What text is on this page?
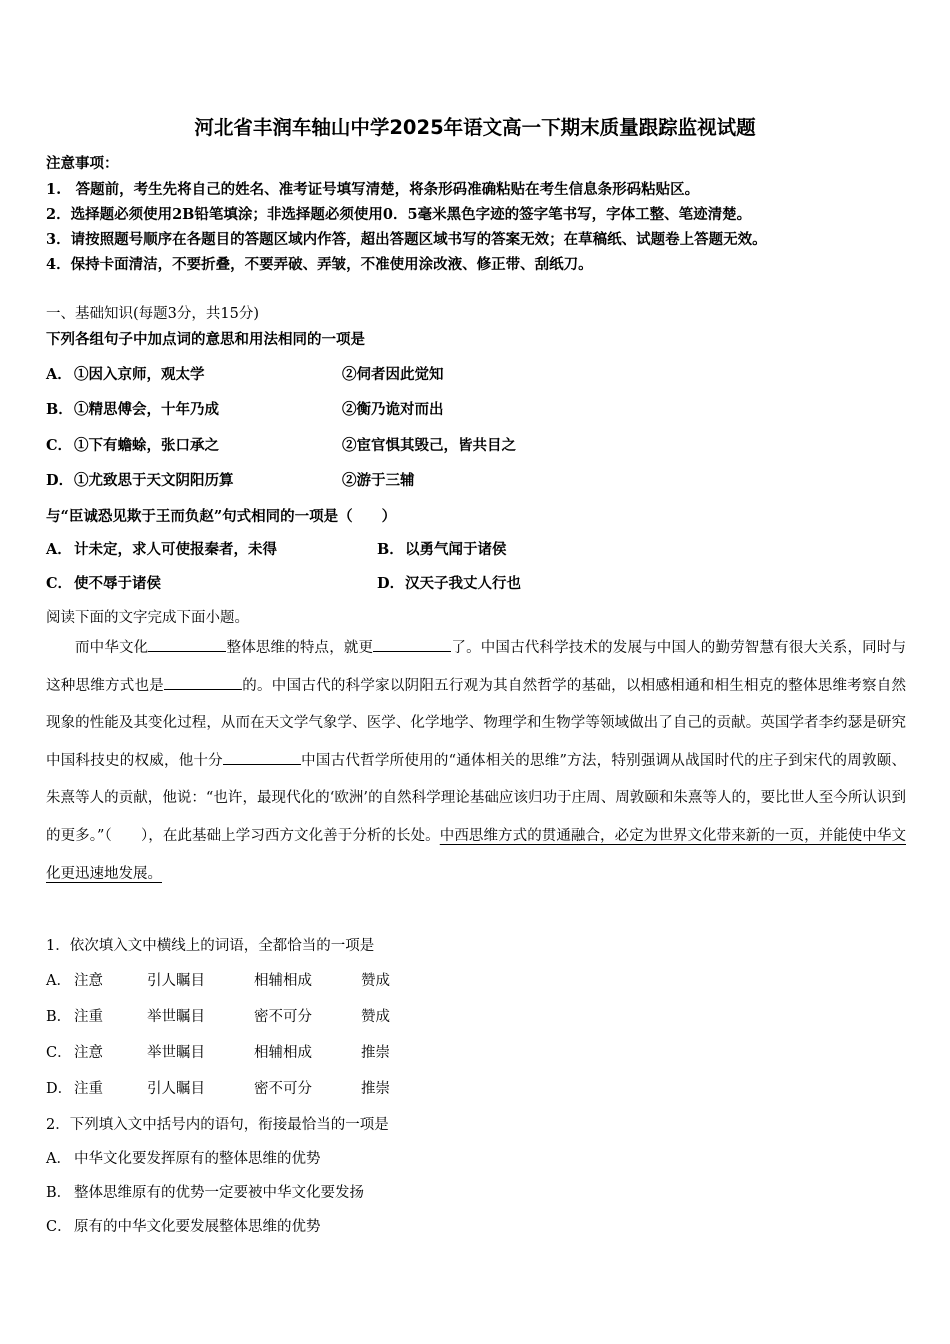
河北省丰润车轴山中学2025年语文高一下期末质量跟踪监视试题
注意事项：
1.　答题前，考生先将自己的姓名、准考证号填写清楚，将条形码准确粘贴在考生信息条形码粘贴区。
2．选择题必须使用2B铅笔填涂；非选择题必须使用0．5毫米黑色字迹的签字笔书写，字体工整、笔迹清楚。
3．请按照题号顺序在各题目的答题区域内作答，超出答题区域书写的答案无效；在草稿纸、试题卷上答题无效。
4．保持卡面清洁，不要折叠，不要弄破、弄皱，不准使用涂改液、修正带、刮纸刀。
一、基础知识(每题3分，共15分)
下列各组句子中加点词的意思和用法相同的一项是
A． ①因入京师，观太学	②伺者因此觉知
B．①精思傅会，十年乃成	②衡乃诡对而出
C． ①下有蟾蜍，张口承之	②宦官惧其毁己，皆共目之
D．①尤致思于天文阴阳历算	②游于三辅
与“臣诚恐见欺于王而负赵”句式相同的一项是（　　）
A． 计未定，求人可使报秦者，未得	B．以勇气闻于诸侯
C． 使不辱于诸侯	D．汉天子我丈人行也
阅读下面的文字完成下面小题。

而中华文化	整体思维的特点，就更	了。中国古代科学技术的发展与中国人的勤劳智慧有很大关系，同时与这种思维方式也是	的。中国古代的科学家以阴阳五行观为其自然哲学的基础，以相感相通和相生相克的整体思维考察自然现象的性能及其变化过程，从而在天文学气象学、医学、化学地学、物理学和生物学等领域做出了自己的贡献。英国学者李约瑟是研究中国科技史的权威，他十分	中国古代哲学所使用的“通体相关的思维”方法，特别强调从战国时代的庄子到宋代的周敦颐、朱熹等人的贡献，他说：“也许，最现代化的‘欧洲’的自然科学理论基础应该归功于庄周、周敦颐和朱熹等人的，要比世人至今所认识到的更多。”（　　），在此基础上学习西方文化善于分析的长处。中西思维方式的贯通融合，必定为世界文化带来新的一页，并能使中华文化更迅速地发展。

1．依次填入文中横线上的词语，全都恰当的一项是
A． 注意	引人瞩目	相辅相成	赞成
B． 注重	举世瞩目	密不可分	赞成
C． 注意	举世瞩目	相辅相成	推崇
D． 注重	引人瞩目	密不可分	推崇
2．下列填入文中括号内的语句，衔接最恰当的一项是
A． 中华文化要发挥原有的整体思维的优势
B． 整体思维原有的优势一定要被中华文化要发扬
C． 原有的中华文化要发展整体思维的优势
